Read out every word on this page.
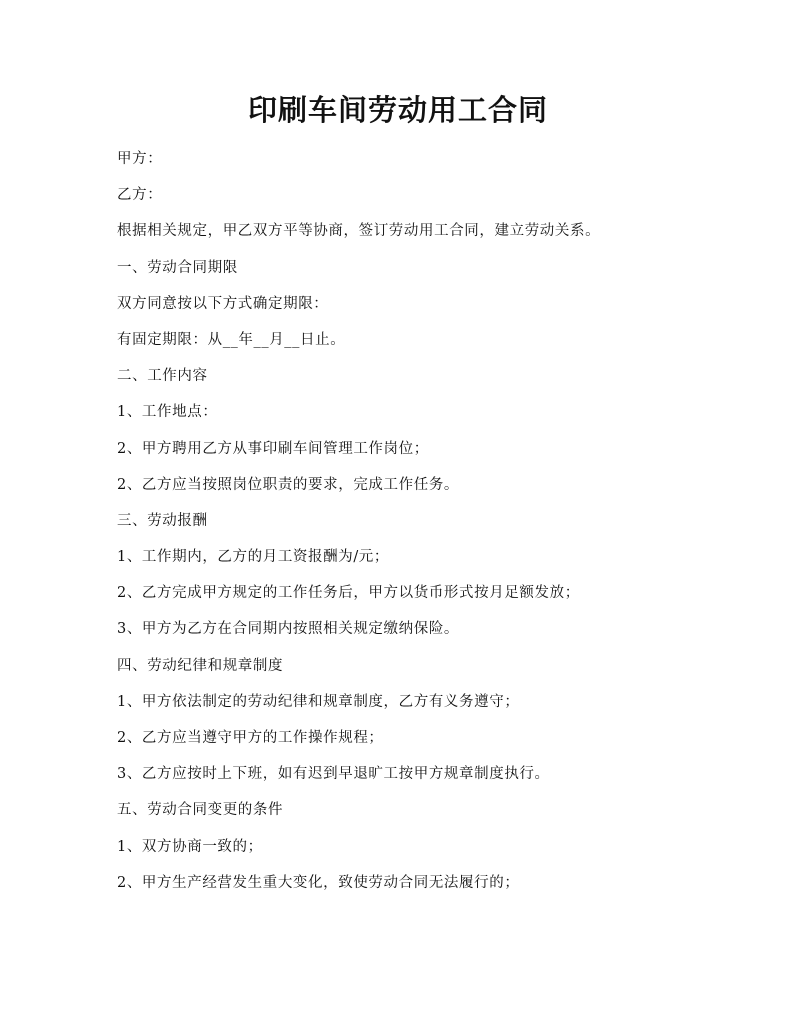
印刷车间劳动用工合同

甲方：

乙方：

根据相关规定，甲乙双方平等协商，签订劳动用工合同，建立劳动关系。

一、劳动合同期限

双方同意按以下方式确定期限：

有固定期限：从__年__月__日止。

二、工作内容

1、工作地点：

2、甲方聘用乙方从事印刷车间管理工作岗位；

2、乙方应当按照岗位职责的要求，完成工作任务。

三、劳动报酬

1、工作期内，乙方的月工资报酬为/元；

2、乙方完成甲方规定的工作任务后，甲方以货币形式按月足额发放；

3、甲方为乙方在合同期内按照相关规定缴纳保险。

四、劳动纪律和规章制度

1、甲方依法制定的劳动纪律和规章制度，乙方有义务遵守；

2、乙方应当遵守甲方的工作操作规程；

3、乙方应按时上下班，如有迟到早退旷工按甲方规章制度执行。

五、劳动合同变更的条件

1、双方协商一致的；

2、甲方生产经营发生重大变化，致使劳动合同无法履行的；
